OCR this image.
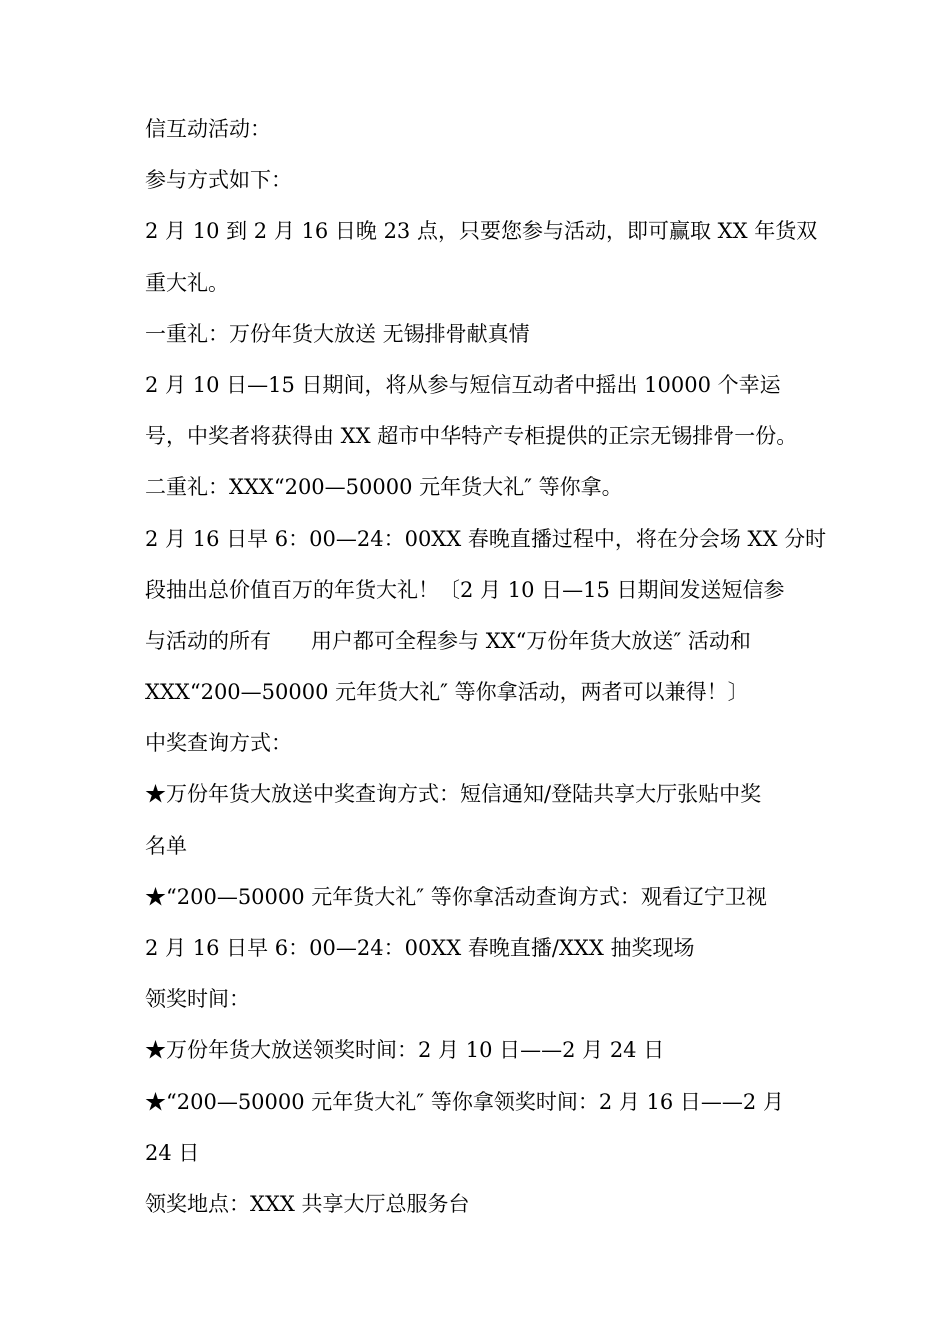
信互动活动：
参与方式如下：
2 月 10 到 2 月 16 日晚 23 点，只要您参与活动，即可赢取 XX 年货双
重大礼。
一重礼：万份年货大放送 无锡排骨献真情
2 月 10 日—15 日期间，将从参与短信互动者中摇出 10000 个幸运
号，中奖者将获得由 XX 超市中华特产专柜提供的正宗无锡排骨一份。
二重礼：XXX“200—50000 元年货大礼″ 等你拿。
2 月 16 日早 6：00—24：00XX 春晚直播过程中，将在分会场 XX 分时
段抽出总价值百万的年货大礼！〔2 月 10 日—15 日期间发送短信参
与活动的所有      用户都可全程参与 XX“万份年货大放送″ 活动和
XXX“200—50000 元年货大礼″ 等你拿活动，两者可以兼得！〕
中奖查询方式：
★万份年货大放送中奖查询方式：短信通知/登陆共享大厅张贴中奖
名单
★“200—50000 元年货大礼″ 等你拿活动查询方式：观看辽宁卫视
2 月 16 日早 6：00—24：00XX 春晚直播/XXX 抽奖现场
领奖时间：
★万份年货大放送领奖时间：2 月 10 日——2 月 24 日
★“200—50000 元年货大礼″ 等你拿领奖时间：2 月 16 日——2 月
24 日
领奖地点：XXX 共享大厅总服务台
